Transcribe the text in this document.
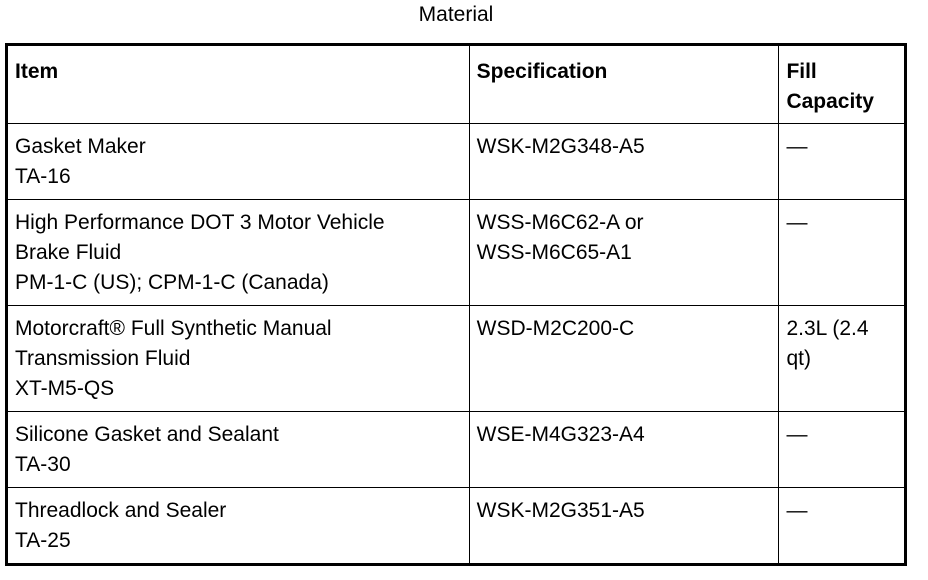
Material
Item	Specification	Fill
Capacity

Gasket Maker
TA-16	WSK-M2G348-A5	—

High Performance DOT 3 Motor Vehicle
Brake Fluid
PM-1-C (US); CPM-1-C (Canada)	WSS-M6C62-A or
WSS-M6C65-A1	—

Motorcraft® Full Synthetic Manual
Transmission Fluid
XT-M5-QS	WSD-M2C200-C	2.3L (2.4
qt)

Silicone Gasket and Sealant
TA-30	WSE-M4G323-A4	—

Threadlock and Sealer
TA-25	WSK-M2G351-A5	—
